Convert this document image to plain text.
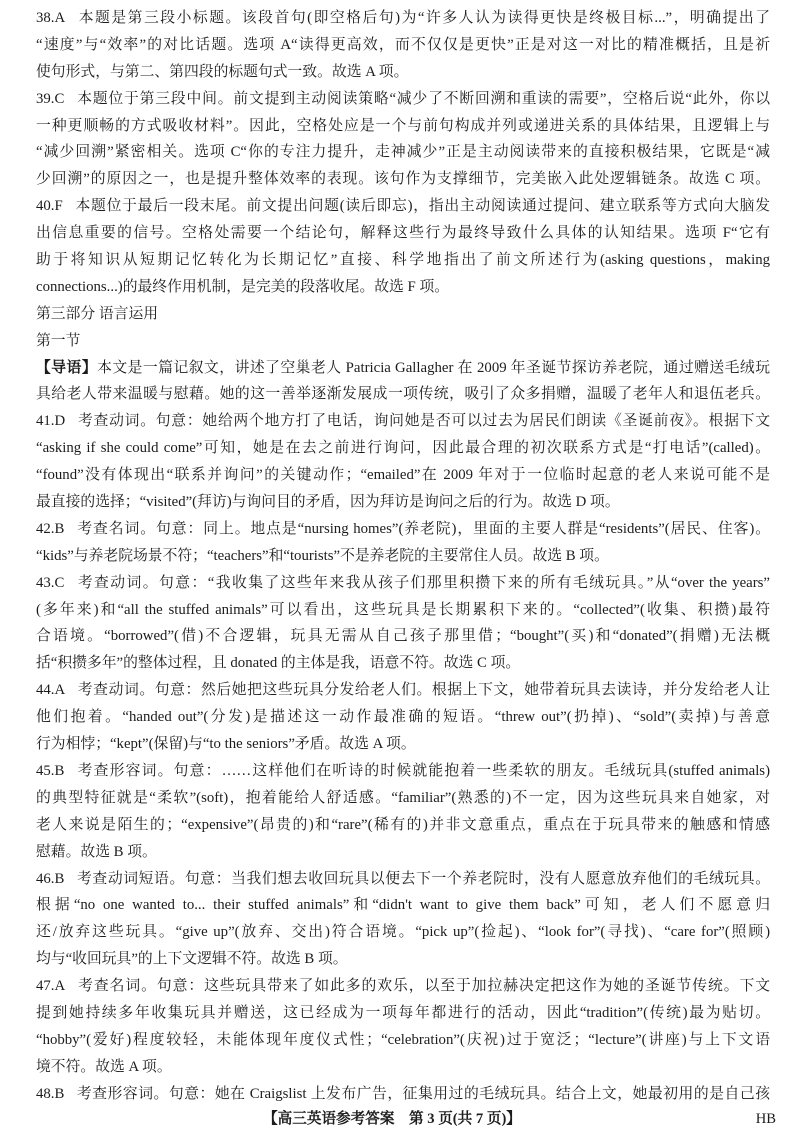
38.A 本题是第三段小标题。该段首句(即空格后句)为“许多人认为读得更快是终极目标...”，明确提出了
“速度”与“效率”的对比话题。选项 A“读得更高效，而不仅仅是更快”正是对这一对比的精准概括，且是祈
使句形式，与第二、第四段的标题句式一致。故选 A 项。
39.C 本题位于第三段中间。前文提到主动阅读策略“减少了不断回溯和重读的需要”，空格后说“此外，你以
一种更顺畅的方式吸收材料”。因此，空格处应是一个与前句构成并列或递进关系的具体结果，且逻辑上与
“减少回溯”紧密相关。选项 C“你的专注力提升，走神减少”正是主动阅读带来的直接积极结果，它既是“减
少回溯”的原因之一，也是提升整体效率的表现。该句作为支撑细节，完美嵌入此处逻辑链条。故选 C 项。
40.F 本题位于最后一段末尾。前文提出问题(读后即忘)，指出主动阅读通过提问、建立联系等方式向大脑发
出信息重要的信号。空格处需要一个结论句，解释这些行为最终导致什么具体的认知结果。选项 F“它有
助于将知识从短期记忆转化为长期记忆”直接、科学地指出了前文所述行为(asking questions，making
connections...)的最终作用机制，是完美的段落收尾。故选 F 项。
第三部分 语言运用
第一节
【导语】本文是一篇记叙文，讲述了空巢老人 Patricia Gallagher 在 2009 年圣诞节探访养老院，通过赠送毛绒玩
具给老人带来温暖与慰藉。她的这一善举逐渐发展成一项传统，吸引了众多捐赠，温暖了老年人和退伍老兵。
41.D 考查动词。句意：她给两个地方打了电话，询问她是否可以过去为居民们朗读《圣诞前夜》。根据下文
“asking if she could come”可知，她是在去之前进行询问，因此最合理的初次联系方式是“打电话”(called)。
“found”没有体现出“联系并询问”的关键动作；“emailed”在 2009 年对于一位临时起意的老人来说可能不是
最直接的选择；“visited”(拜访)与询问目的矛盾，因为拜访是询问之后的行为。故选 D 项。
42.B 考查名词。句意：同上。地点是“nursing homes”(养老院)，里面的主要人群是“residents”(居民、住客)。
“kids”与养老院场景不符；“teachers”和“tourists”不是养老院的主要常住人员。故选 B 项。
43.C 考查动词。句意：“我收集了这些年来我从孩子们那里积攒下来的所有毛绒玩具。”从“over the years”
(多年来)和“all the stuffed animals”可以看出，这些玩具是长期累积下来的。“collected”(收集、积攒)最符
合语境。“borrowed”(借)不合逻辑，玩具无需从自己孩子那里借；“bought”(买)和“donated”(捐赠)无法概
括“积攒多年”的整体过程，且 donated 的主体是我，语意不符。故选 C 项。
44.A 考查动词。句意：然后她把这些玩具分发给老人们。根据上下文，她带着玩具去读诗，并分发给老人让
他们抱着。“handed out”(分发)是描述这一动作最准确的短语。“threw out”(扔掉)、“sold”(卖掉)与善意
行为相悖；“kept”(保留)与“to the seniors”矛盾。故选 A 项。
45.B 考查形容词。句意：……这样他们在听诗的时候就能抱着一些柔软的朋友。毛绒玩具(stuffed animals)
的典型特征就是“柔软”(soft)，抱着能给人舒适感。“familiar”(熟悉的)不一定，因为这些玩具来自她家，对
老人来说是陌生的；“expensive”(昂贵的)和“rare”(稀有的)并非文意重点，重点在于玩具带来的触感和情感
慰藉。故选 B 项。
46.B 考查动词短语。句意：当我们想去收回玩具以便去下一个养老院时，没有人愿意放弃他们的毛绒玩具。
根据“no one wanted to... their stuffed animals”和“didn't want to give them back”可知，老人们不愿意归
还/放弃这些玩具。“give up”(放弃、交出)符合语境。“pick up”(捡起)、“look for”(寻找)、“care for”(照顾)
均与“收回玩具”的上下文逻辑不符。故选 B 项。
47.A 考查名词。句意：这些玩具带来了如此多的欢乐，以至于加拉赫决定把这作为她的圣诞节传统。下文
提到她持续多年收集玩具并赠送，这已经成为一项每年都进行的活动，因此“tradition”(传统)最为贴切。
“hobby”(爱好)程度较轻，未能体现年度仪式性；“celebration”(庆祝)过于宽泛；“lecture”(讲座)与上下文语
境不符。故选 A 项。
48.B 考查形容词。句意：她在 Craigslist 上发布广告，征集用过的毛绒玩具。结合上文，她最初用的是自己孩
【高三英语参考答案　第 3 页(共 7 页)】	HB
